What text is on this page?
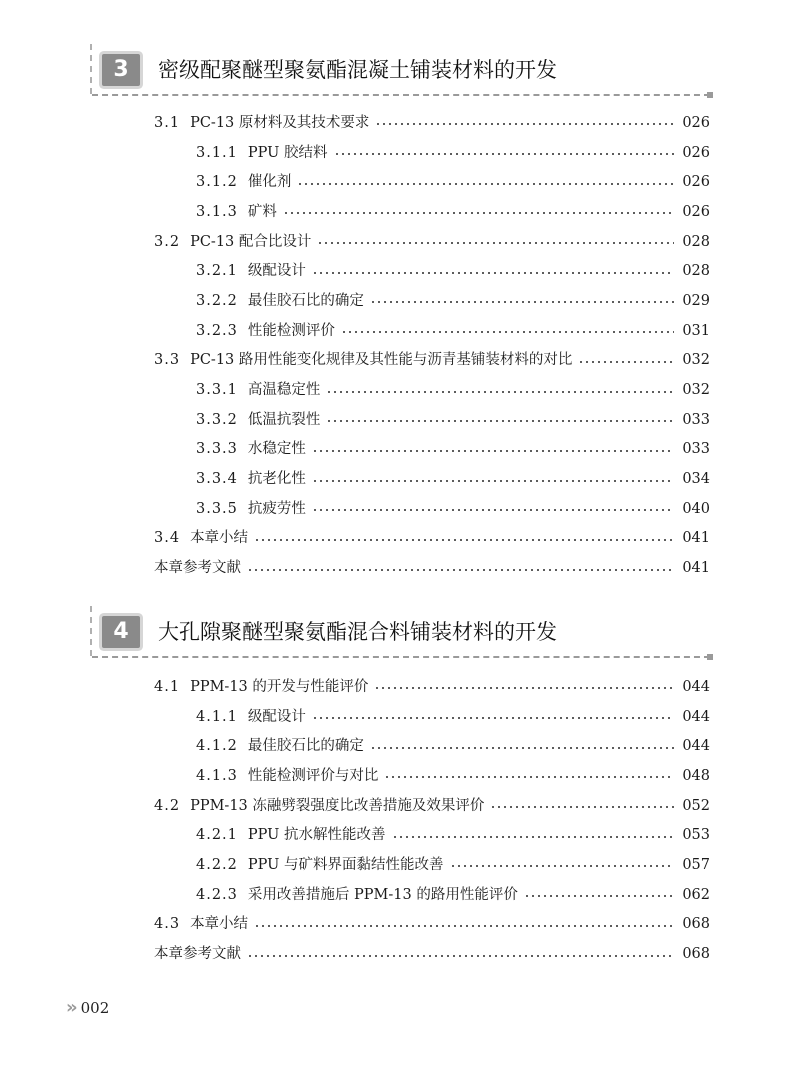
3	密级配聚醚型聚氨酯混凝土铺装材料的开发
3.1 PC-13 原材料及其技术要求	026
3.1.1 PPU 胶结料	026
3.1.2 催化剂	026
3.1.3 矿料	026
3.2 PC-13 配合比设计	028
3.2.1 级配设计	028
3.2.2 最佳胶石比的确定	029
3.2.3 性能检测评价	031
3.3 PC-13 路用性能变化规律及其性能与沥青基铺装材料的对比	032
3.3.1 高温稳定性	032
3.3.2 低温抗裂性	033
3.3.3 水稳定性	033
3.3.4 抗老化性	034
3.3.5 抗疲劳性	040
3.4 本章小结	041
本章参考文献	041
4	大孔隙聚醚型聚氨酯混合料铺装材料的开发
4.1 PPM-13 的开发与性能评价	044
4.1.1 级配设计	044
4.1.2 最佳胶石比的确定	044
4.1.3 性能检测评价与对比	048
4.2 PPM-13 冻融劈裂强度比改善措施及效果评价	052
4.2.1 PPU 抗水解性能改善	053
4.2.2 PPU 与矿料界面黏结性能改善	057
4.2.3 采用改善措施后 PPM-13 的路用性能评价	062
4.3 本章小结	068
本章参考文献	068
» 002
